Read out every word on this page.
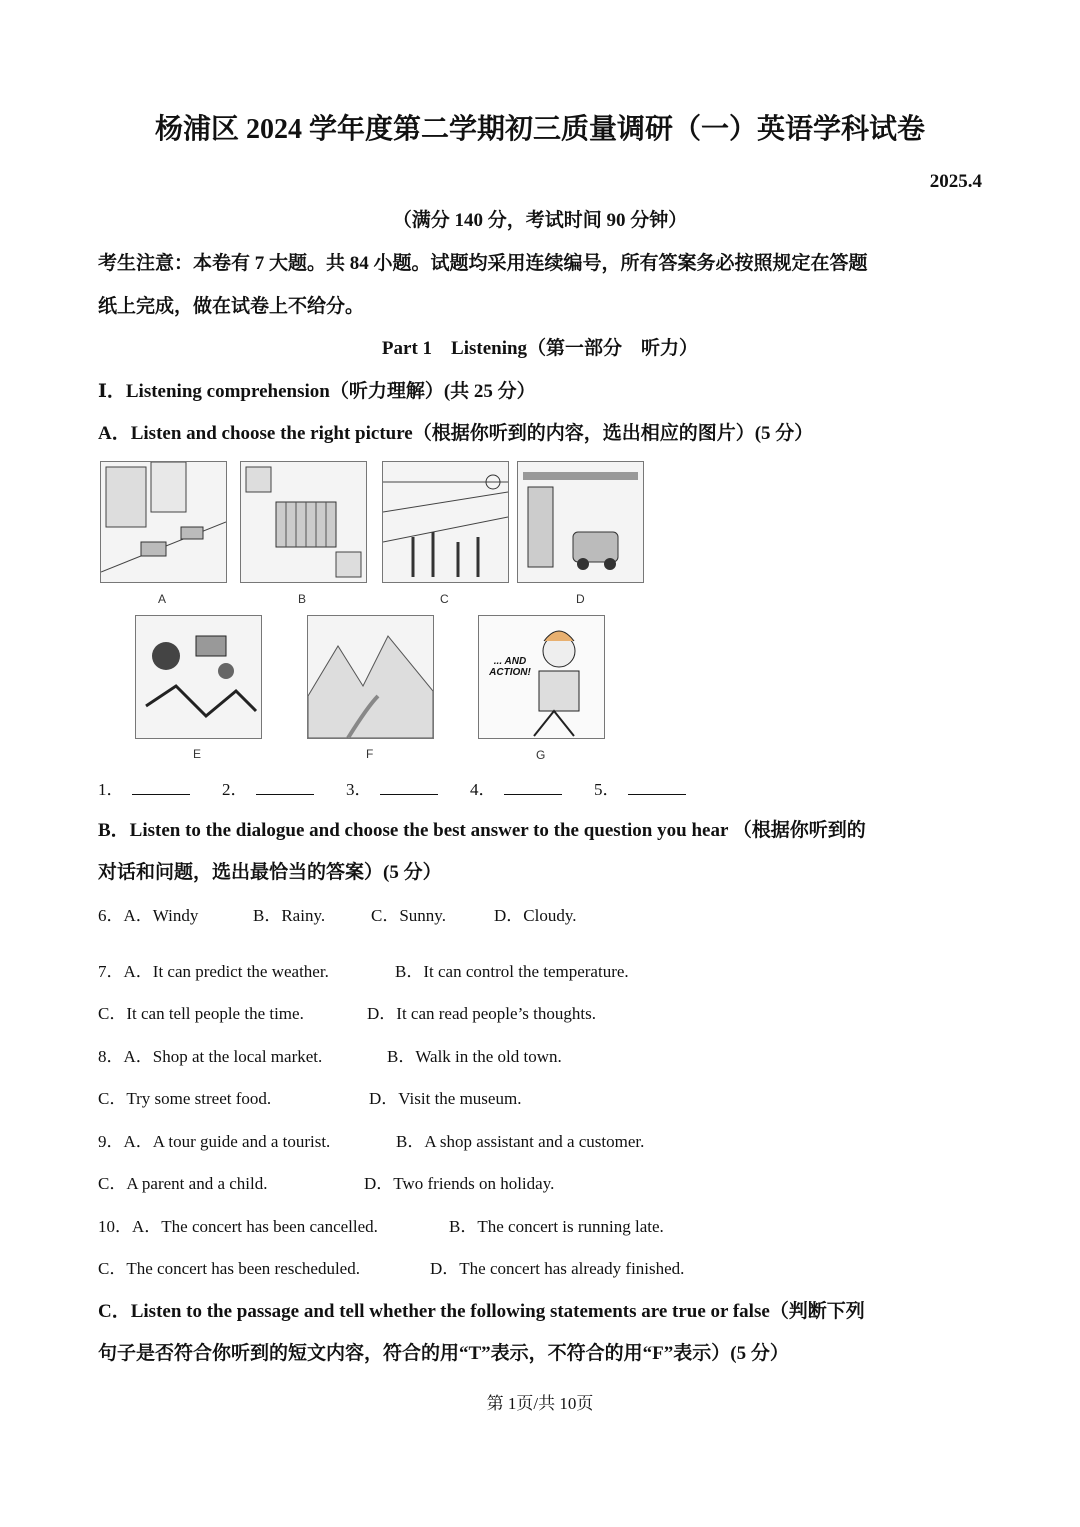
杨浦区 2024 学年度第二学期初三质量调研（一）英语学科试卷
2025.4
（满分 140 分，考试时间 90 分钟）
考生注意：本卷有 7 大题。共 84 小题。试题均采用连续编号，所有答案务必按照规定在答题
纸上完成，做在试卷上不给分。
Part 1　Listening（第一部分　听力）
Ⅰ．Listening comprehension（听力理解）(共 25 分）
A．Listen and choose the right picture（根据你听到的内容，选出相应的图片）(5 分）
A	B	C	D
... AND ACTION!
E	F	G
1．	2．	3．	4．	5．
B．Listen to the dialogue and choose the best answer to the question you hear （根据你听到的
对话和问题，选出最恰当的答案）(5 分）
6．A．Windy	B．Rainy.	C．Sunny.	D．Cloudy.
7．A．It can predict the weather.	B．It can control the temperature.
C．It can tell people the time.	D．It can read people’s thoughts.
8．A．Shop at the local market.	B．Walk in the old town.
C．Try some street food.	D．Visit the museum.
9．A．A tour guide and a tourist.	B．A shop assistant and a customer.
C．A parent and a child.	D．Two friends on holiday.
10．A．The concert has been cancelled.	B．The concert is running late.
C．The concert has been rescheduled.	D．The concert has already finished.
C．Listen to the passage and tell whether the following statements are true or false（判断下列
句子是否符合你听到的短文内容，符合的用“T”表示，不符合的用“F”表示）(5 分）
第 1页/共 10页
